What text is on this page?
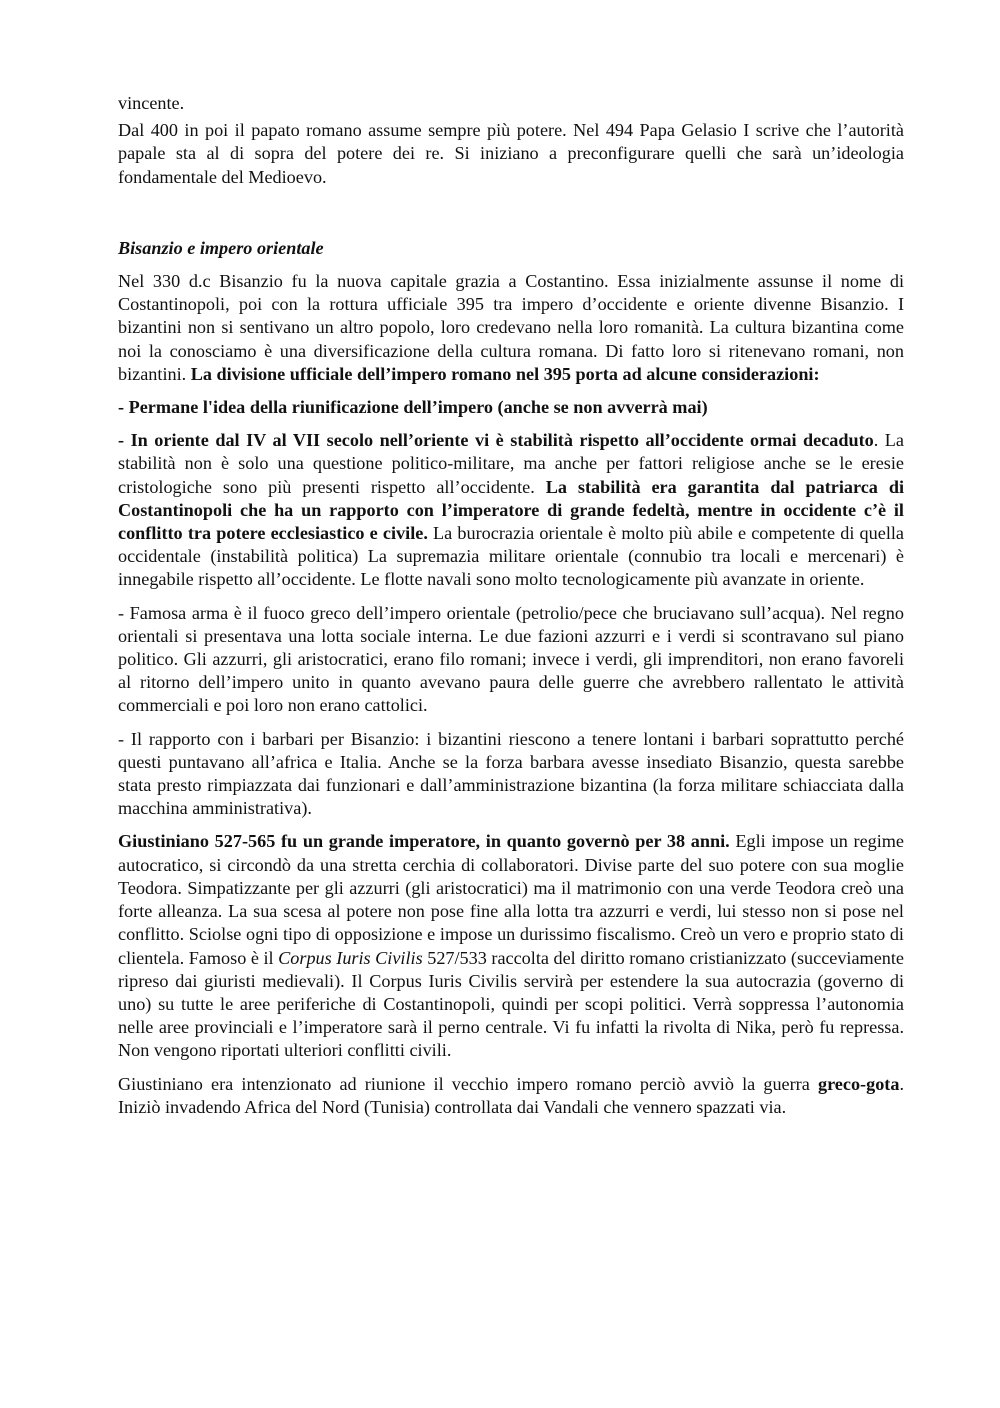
vincente.

Dal 400 in poi il papato romano assume sempre più potere. Nel 494 Papa Gelasio I scrive che l’autorità papale sta al di sopra del potere dei re. Si iniziano a preconfigurare quelli che sarà un’ideologia fondamentale del Medioevo.

Bisanzio e impero orientale

Nel 330 d.c Bisanzio fu la nuova capitale grazia a Costantino. Essa inizialmente assunse il nome di Costantinopoli, poi con la rottura ufficiale 395 tra impero d’occidente e oriente divenne Bisanzio. I bizantini non si sentivano un altro popolo, loro credevano nella loro romanità. La cultura bizantina come noi la conosciamo è una diversificazione della cultura romana. Di fatto loro si ritenevano romani, non bizantini. La divisione ufficiale dell’impero romano nel 395 porta ad alcune considerazioni:

- Permane l'idea della riunificazione dell’impero (anche se non avverrà mai)

- In oriente dal IV al VII secolo nell’oriente vi è stabilità rispetto all’occidente ormai decaduto. La stabilità non è solo una questione politico-militare, ma anche per fattori religiose anche se le eresie cristologiche sono più presenti rispetto all’occidente. La stabilità era garantita dal patriarca di Costantinopoli che ha un rapporto con l’imperatore di grande fedeltà, mentre in occidente c’è il conflitto tra potere ecclesiastico e civile. La burocrazia orientale è molto più abile e competente di quella occidentale (instabilità politica) La supremazia militare orientale (connubio tra locali e mercenari) è innegabile rispetto all’occidente. Le flotte navali sono molto tecnologicamente più avanzate in oriente.

- Famosa arma è il fuoco greco dell’impero orientale (petrolio/pece che bruciavano sull’acqua). Nel regno orientali si presentava una lotta sociale interna. Le due fazioni azzurri e i verdi si scontravano sul piano politico. Gli azzurri, gli aristocratici, erano filo romani; invece i verdi, gli imprenditori, non erano favoreli al ritorno dell’impero unito in quanto avevano paura delle guerre che avrebbero rallentato le attività commerciali e poi loro non erano cattolici.

- Il rapporto con i barbari per Bisanzio: i bizantini riescono a tenere lontani i barbari soprattutto perché questi puntavano all’africa e Italia. Anche se la forza barbara avesse insediato Bisanzio, questa sarebbe stata presto rimpiazzata dai funzionari e dall’amministrazione bizantina (la forza militare schiacciata dalla macchina amministrativa).

Giustiniano 527-565 fu un grande imperatore, in quanto governò per 38 anni. Egli impose un regime autocratico, si circondò da una stretta cerchia di collaboratori. Divise parte del suo potere con sua moglie Teodora. Simpatizzante per gli azzurri (gli aristocratici) ma il matrimonio con una verde Teodora creò una forte alleanza. La sua scesa al potere non pose fine alla lotta tra azzurri e verdi, lui stesso non si pose nel conflitto. Sciolse ogni tipo di opposizione e impose un durissimo fiscalismo. Creò un vero e proprio stato di clientela. Famoso è il Corpus Iuris Civilis 527/533 raccolta del diritto romano cristianizzato (succeviamente ripreso dai giuristi medievali). Il Corpus Iuris Civilis servirà per estendere la sua autocrazia (governo di uno) su tutte le aree periferiche di Costantinopoli, quindi per scopi politici. Verrà soppressa l’autonomia nelle aree provinciali e l’imperatore sarà il perno centrale. Vi fu infatti la rivolta di Nika, però fu repressa. Non vengono riportati ulteriori conflitti civili.

Giustiniano era intenzionato ad riunione il vecchio impero romano perciò avviò la guerra greco-gota. Iniziò invadendo Africa del Nord (Tunisia) controllata dai Vandali che vennero spazzati via.
